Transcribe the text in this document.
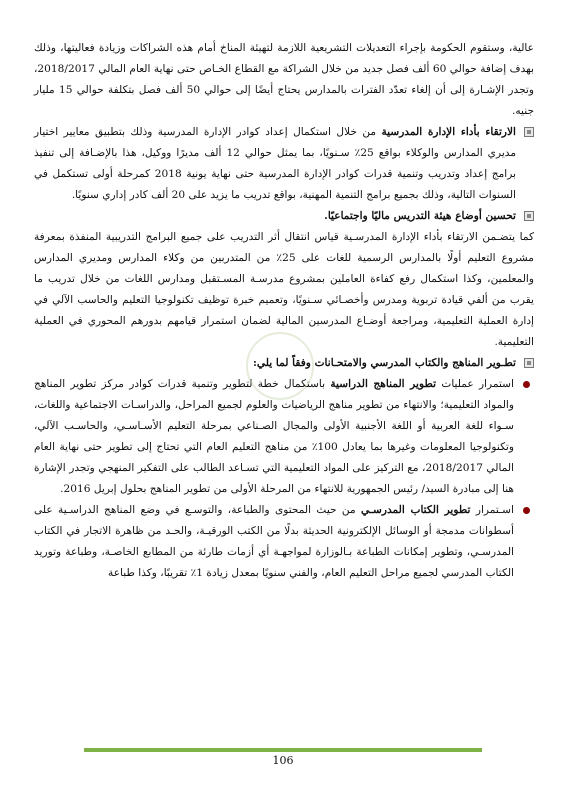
عالية، وستقوم الحكومة بإجراء التعديلات التشريعية اللازمة لتهيئة المناخ أمام هذه الشراكات وزيادة فعاليتها، وذلك بهدف إضافة حوالي 60 ألف فصل جديد من خلال الشراكة مع القطاع الخـاص حتى نهاية العام المالي 2018/2017، وتجدر الإشـارة إلى أن إلغاء تعدّد الفترات بالمدارس يحتاج أيضًا إلى حوالي 50 ألف فصل بتكلفة حوالي 15 مليار جنيه.

الارتقاء بأداء الإدارة المدرسية من خلال استكمال إعداد كوادر الإدارة المدرسية وذلك بتطبيق معايير اختيار مديري المدارس والوكلاء بواقع 25٪ سـنويًا، بما يمثل حوالي 12 ألف مديرًا ووكيل، هذا بالإضـافة إلى تنفيذ برامج إعداد وتدريب وتنمية قدرات كوادر الإدارة المدرسية حتى نهاية يونية 2018 كمرحلة أولى تستكمل في السنوات التالية، وذلك بجميع برامج التنمية المهنية، بواقع تدريب ما يزيد على 20 ألف كادر إداري سنويًا.
تحسين أوضاع هيئة التدريس ماليًا واجتماعيًا.

كما يتضـمن الارتقاء بأداء الإدارة المدرسـية قياس انتقال أثر التدريب على جميع البرامج التدريبية المنفذة بمعرفة مشروع التعليم أولًا بالمدارس الرسمية للغات على 25٪ من المتدربين من وكلاء المدارس ومديري المدارس والمعلمين، وكذا استكمال رفع كفاءة العاملين بمشروع مدرسـة المسـتقبل ومدارس اللغات من خلال تدريب ما يقرب من ألفي قيادة تربوية ومدرس وأخصـائي سـنويًا، وتعميم خبرة توظيف تكنولوجيا التعليم والحاسب الآلي في إدارة العملية التعليمية، ومراجعة أوضـاع المدرسين المالية لضمان استمرار قيامهم بدورهم المحوري في العملية التعليمية.

تطـوير المناهج والكتاب المدرسي والامتحـانات وفقاً لما يلي:
استمرار عمليات تطوير المناهج الدراسية باستكمال خطة لتطوير وتنمية قدرات كوادر مركز تطوير المناهج والمواد التعليمية؛ والانتهاء من تطوير مناهج الرياضيات والعلوم لجميع المراحل، والدراسـات الاجتماعية واللغات، سـواء للغة العربية أو اللغة الأجنبية الأولى والمجال الصـناعي بمرحلة التعليم الأسـاسـي، والحاسـب الآلي، وتكنولوجيا المعلومات وغيرها بما يعادل 100٪ من مناهج التعليم العام التي تحتاج إلى تطوير حتى نهاية العام المالي 2018/2017، مع التركيز على المواد التعليمية التي تسـاعد الطالب على التفكير المنهجي وتجدر الإشارة هنا إلى مبادرة السيد/ رئيس الجمهورية للانتهاء من المرحلة الأولى من تطوير المناهج بحلول إبريل 2016.
اسـتمرار تطوير الكتاب المدرسـي من حيث المحتوى والطباعة، والتوسـع في وضع المناهج الدراسـية على أسطوانات مدمجة أو الوسائل الإلكترونية الحديثة بدلًا من الكتب الورقيـة، والحـد من ظاهرة الاتجار في الكتاب المدرسـي، وتطوير إمكانات الطباعة بـالوزارة لمواجهـة أي أزمات طارئة من المطابع الخاصـة، وطباعة وتوريد الكتاب المدرسي لجميع مراحل التعليم العام، والفني سنويًا بمعدل زيادة 1٪ تقريبًا، وكذا طباعة
106
